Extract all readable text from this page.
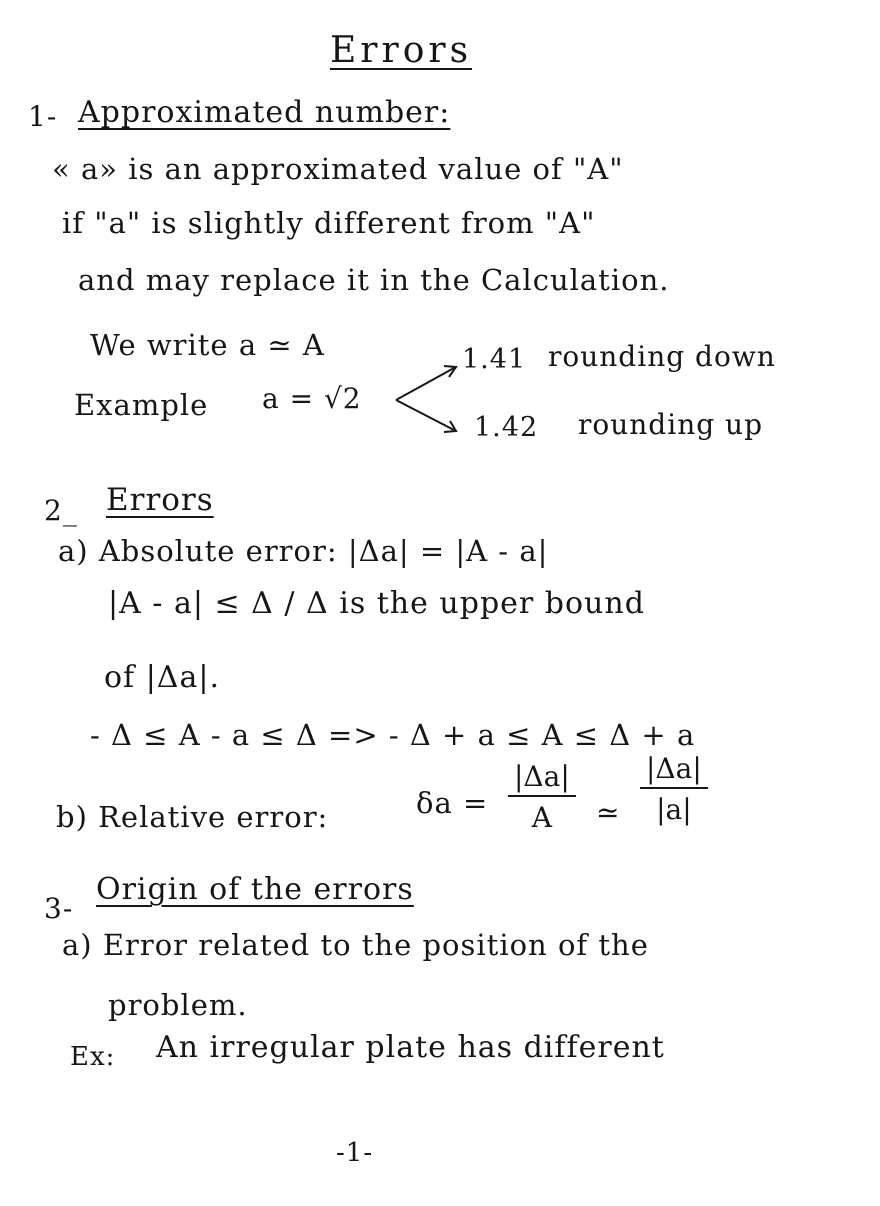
Errors
1- Approximated number:
« a» is an approximated value of "A"
if "a" is slightly different from "A"
and may replace it in the Calculation.
We write a ≃ A
Example a = √2
1.41 rounding down
1.42 rounding up
2_ Errors
a) Absolute error: |Δa| = |A - a|
|A - a| ≤ Δ / Δ is the upper bound
of |Δa|.
- Δ ≤ A - a ≤ Δ => - Δ + a ≤ A ≤ Δ + a
b) Relative error:	$\delta a = \frac{|\Delta a|}{A}$ ≃ $\frac{|\Delta a|}{|a|}$
3-
Origin of the errors
a) Error related to the position of the
problem.
Ex: An irregular plate has different
-1-
